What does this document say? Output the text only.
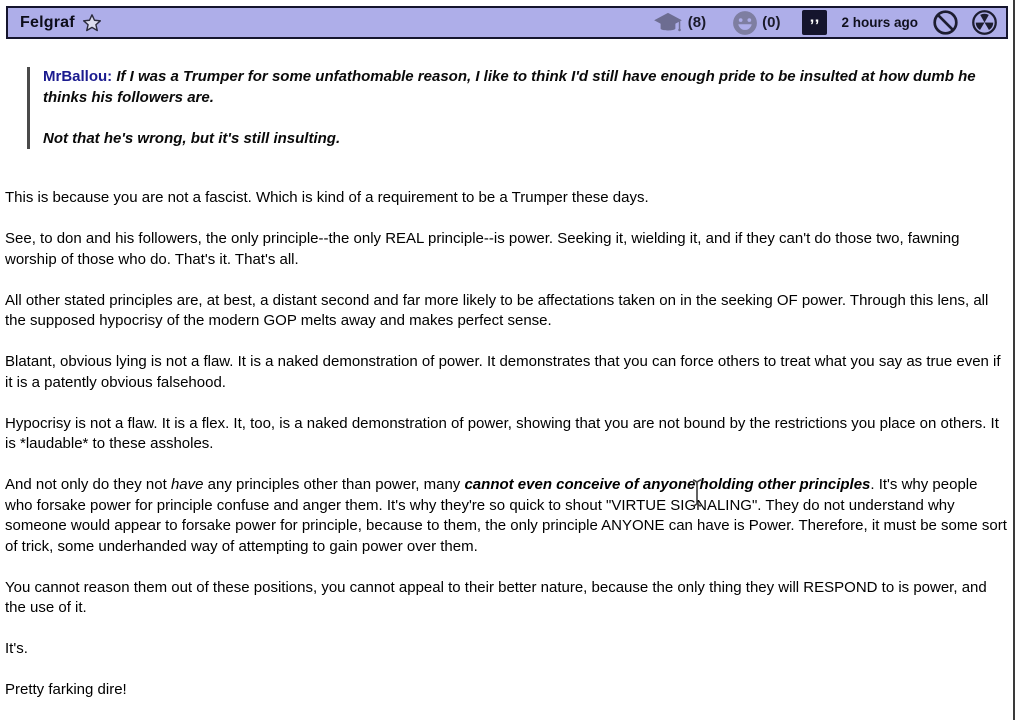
Felgraf	(8)	(0) ’’ 2 hours ago

MrBallou: If I was a Trumper for some unfathomable reason, I like to think I'd still have enough pride to be insulted at how dumb he thinks his followers are.

Not that he's wrong, but it's still insulting.

This is because you are not a fascist. Which is kind of a requirement to be a Trumper these days.

See, to don and his followers, the only principle--the only REAL principle--is power. Seeking it, wielding it, and if they can't do those two, fawning worship of those who do. That's it. That's all.

All other stated principles are, at best, a distant second and far more likely to be affectations taken on in the seeking OF power. Through this lens, all the supposed hypocrisy of the modern GOP melts away and makes perfect sense.

Blatant, obvious lying is not a flaw. It is a naked demonstration of power. It demonstrates that you can force others to treat what you say as true even if it is a patently obvious falsehood.

Hypocrisy is not a flaw. It is a flex. It, too, is a naked demonstration of power, showing that you are not bound by the restrictions you place on others. It is *laudable* to these assholes.

And not only do they not have any principles other than power, many cannot even conceive of anyone holding other principles. It's why people who forsake power for principle confuse and anger them. It's why they're so quick to shout "VIRTUE SIGNALING". They do not understand why someone would appear to forsake power for principle, because to them, the only principle ANYONE can have is Power. Therefore, it must be some sort of trick, some underhanded way of attempting to gain power over them.

You cannot reason them out of these positions, you cannot appeal to their better nature, because the only thing they will RESPOND to is power, and the use of it.

It's.

Pretty farking dire!
